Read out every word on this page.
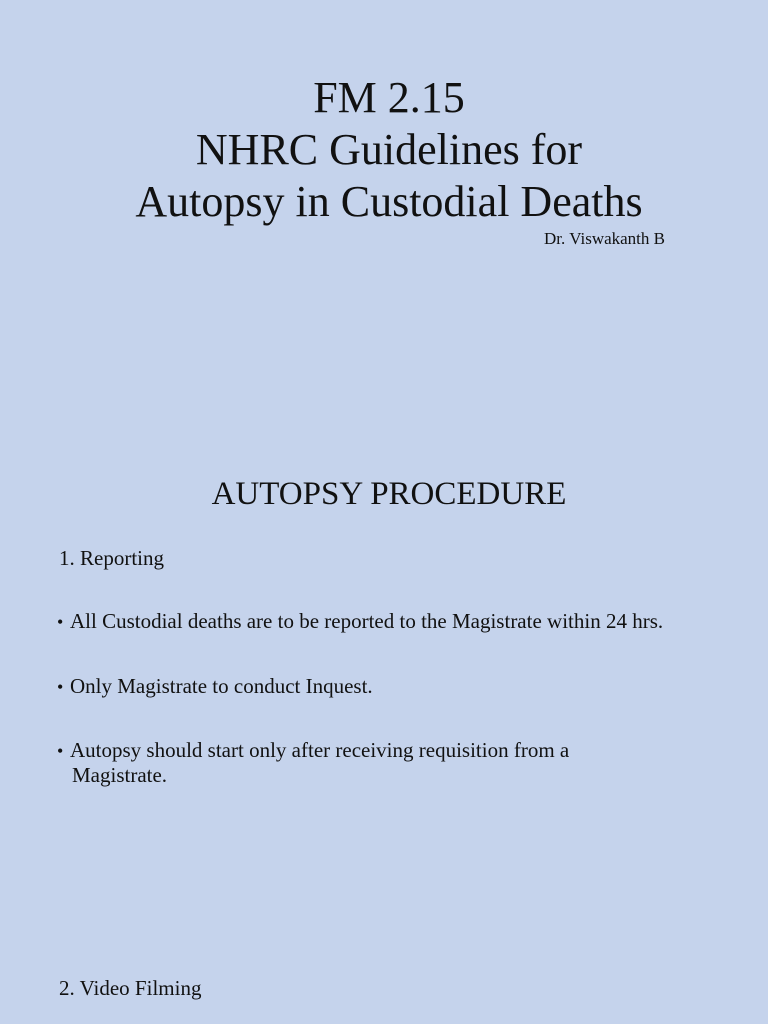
FM 2.15
NHRC Guidelines for
Autopsy in Custodial Deaths
Dr. Viswakanth B
AUTOPSY PROCEDURE
1. Reporting
• All Custodial deaths are to be reported to the Magistrate within 24 hrs.
• Only Magistrate to conduct Inquest.
• Autopsy should start only after receiving requisition from a
Magistrate.
2. Video Filming
